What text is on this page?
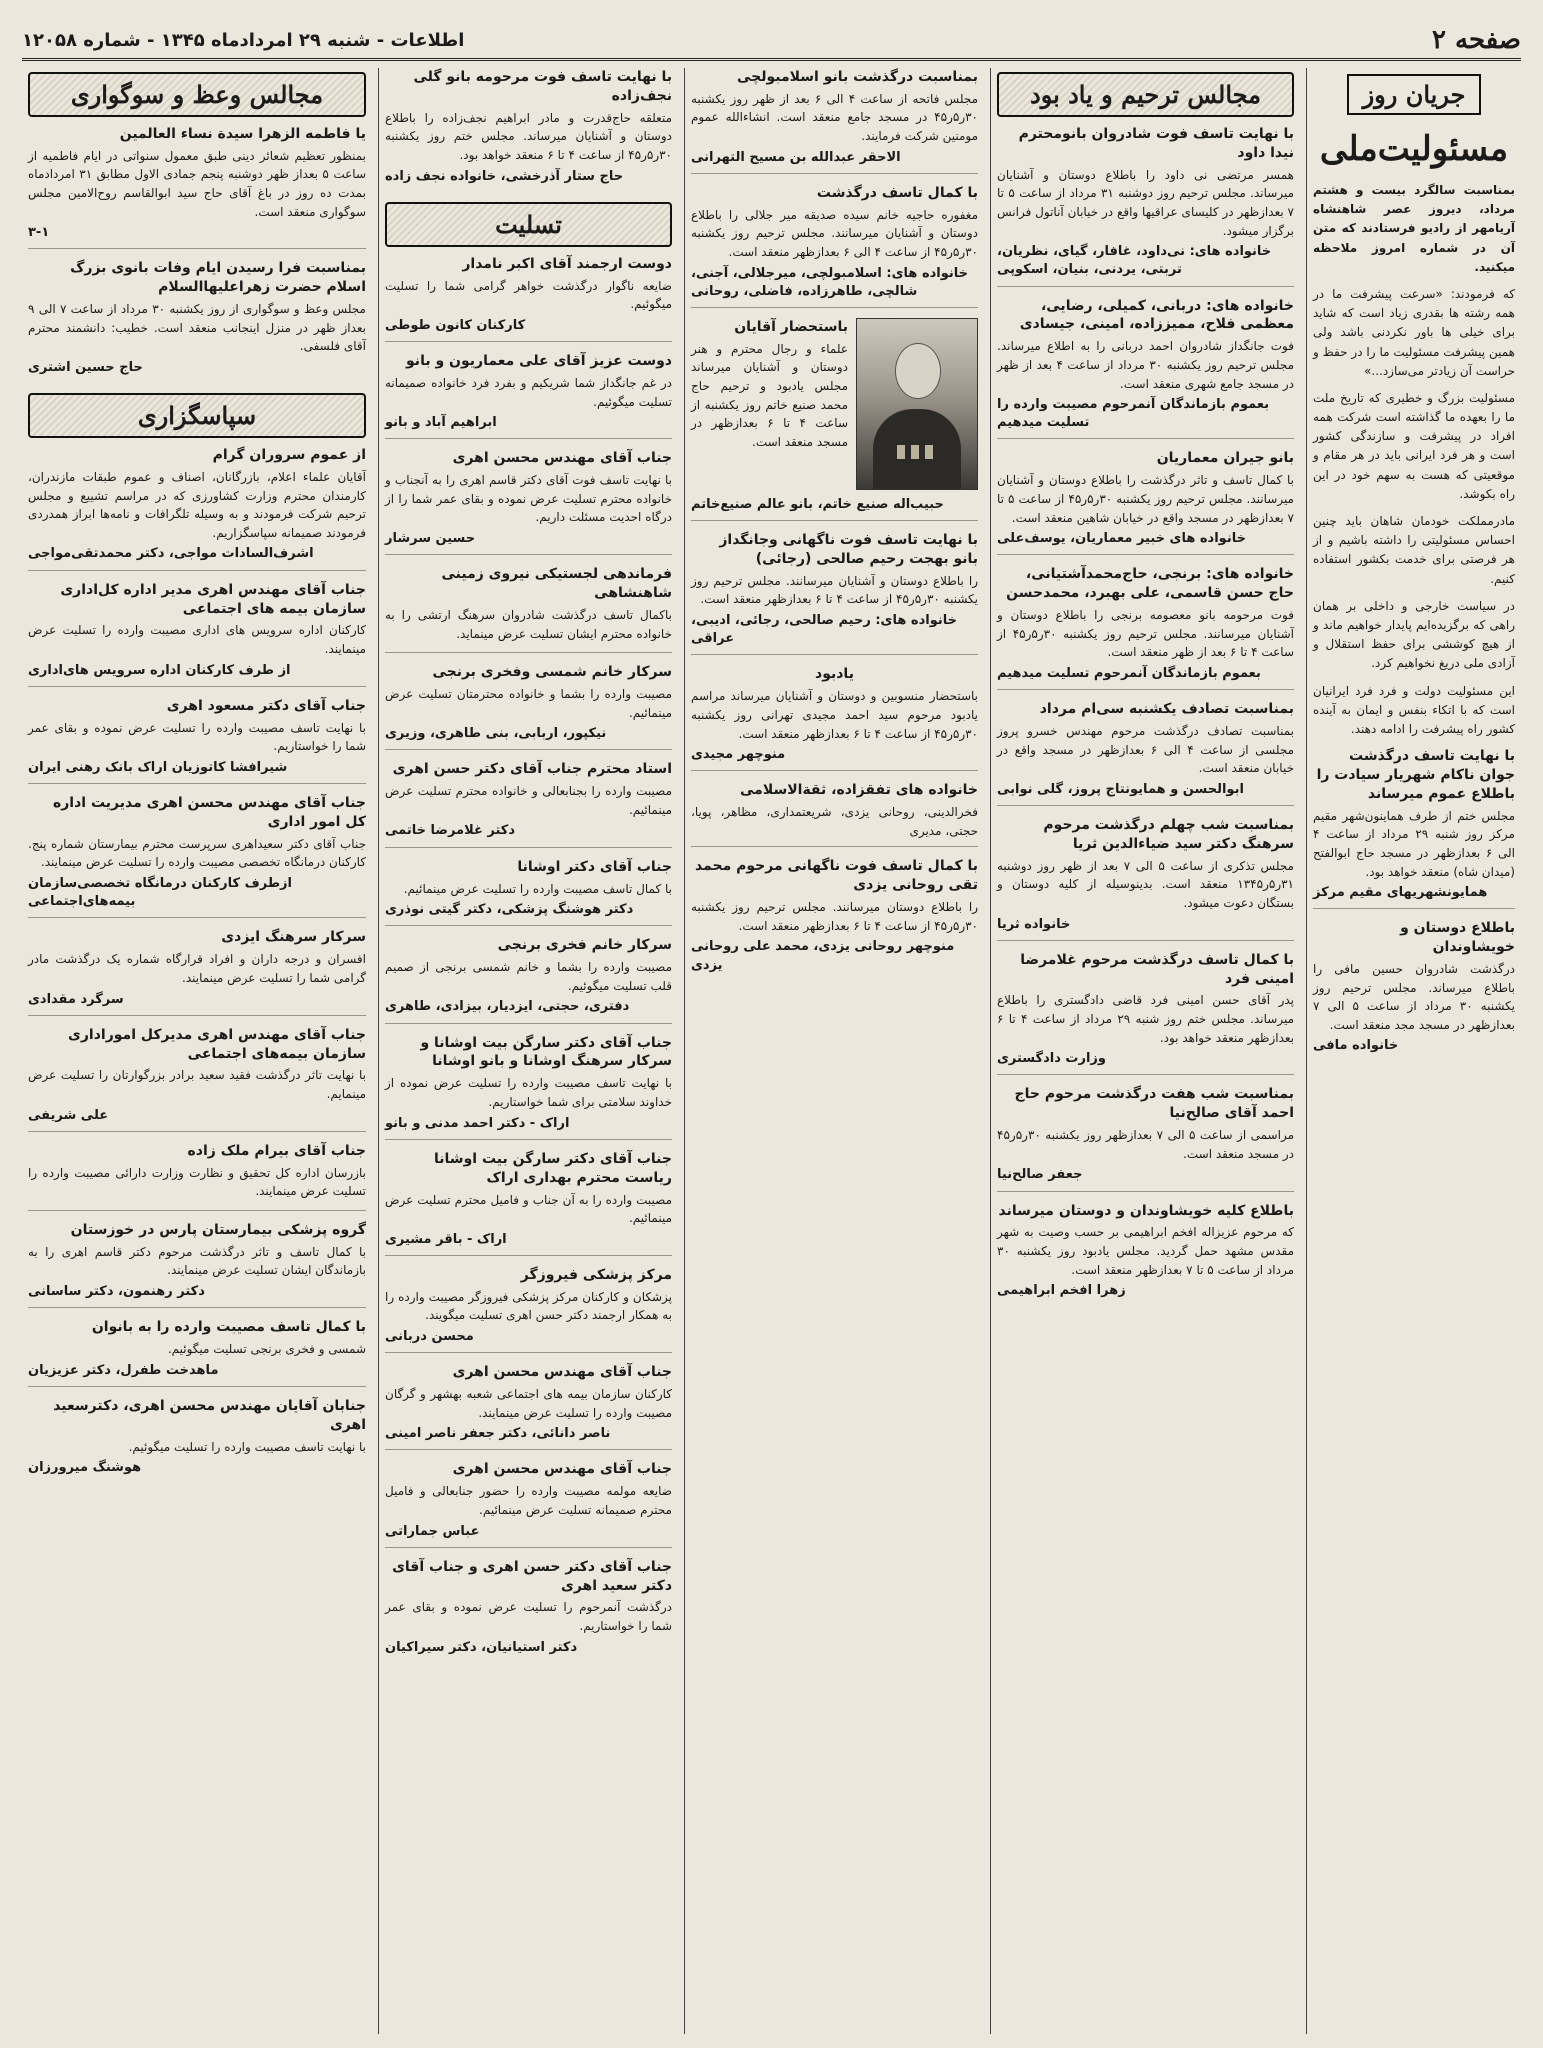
صفحه ۲
اطلاعات - شنبه ۲۹ امردادماه ۱۳۴۵ - شماره ۱۲۰۵۸
جریان روز
مسئولیت‌ملی

بمناسبت سالگرد بیست و هشتم مرداد، دیروز عصر شاهنشاه آریامهر از رادیو فرستادند که متن آن در شماره امروز ملاحظه میکنید.

که فرمودند: «سرعت پیشرفت ما در همه رشته ها بقدری زیاد است که شاید برای خیلی ها باور نکردنی باشد ولی همین پیشرفت مسئولیت ما را در حفظ و حراست آن زیادتر می‌سازد...»

مسئولیت بزرگ و خطیری که تاریخ ملت ما را بعهده ما گذاشته است شرکت همه افراد در پیشرفت و سازندگی کشور است و هر فرد ایرانی باید در هر مقام و موقعیتی که هست به سهم خود در این راه بکوشد.

مادرمملکت خودمان شاهان باید چنین احساس مسئولیتی را داشته باشیم و از هر فرصتی برای خدمت بکشور استفاده کنیم.

در سیاست خارجی و داخلی بر همان راهی که برگزیده‌ایم پایدار خواهیم ماند و از هیچ کوششی برای حفظ استقلال و آزادی ملی دریغ نخواهیم کرد.

این مسئولیت دولت و فرد فرد ایرانیان است که با اتکاء بنفس و ایمان به آینده کشور راه پیشرفت را ادامه دهند.

با نهایت تاسف درگذشت جوان ناکام شهریار سیادت را باطلاع عموم میرساند
مجلس ختم از طرف هماینون‌شهر مقیم مرکز روز شنبه ۲۹ مرداد از ساعت ۴ الی ۶ بعدازظهر در مسجد حاج ابوالفتح (میدان شاه) منعقد خواهد بود.
همایونشهریهای مقیم مرکز
باطلاع دوستان و خویشاوندان
درگذشت شادروان حسین مافی را باطلاع میرساند. مجلس ترحیم روز یکشنبه ۳۰ مرداد از ساعت ۵ الی ۷ بعدازظهر در مسجد مجد منعقد است.
خانواده مافی
مجالس ترحیم و یاد بود
با نهایت تاسف فوت شادروان بانومحترم نیدا داود
همسر مرتضی نی داود را باطلاع دوستان و آشنایان میرساند. مجلس ترحیم روز دوشنبه ۳۱ مرداد از ساعت ۵ تا ۷ بعدازظهر در کلیسای عراقیها واقع در خیابان آناتول فرانس برگزار میشود.
خانواده های: نی‌داود، غافار، گیای، نظریان، تربتی، یردنی، بنیان، اسکوپی
خانواده های: دربانی، کمیلی، رضایی، معظمی فلاح، ممیززاده، امینی، جیسادی
فوت جانگداز شادروان احمد دربانی را به اطلاع میرساند. مجلس ترحیم روز یکشنبه ۳۰ مرداد از ساعت ۴ بعد از ظهر در مسجد جامع شهری منعقد است.
بعموم بازماندگان آنمرحوم مصیبت وارده را تسلیت میدهیم
بانو جیران معماریان
با کمال تاسف و تاثر درگذشت را باطلاع دوستان و آشنایان میرسانند. مجلس ترحیم روز یکشنبه ۳۰ر۵ر۴۵ از ساعت ۵ تا ۷ بعدازظهر در مسجد واقع در خیابان شاهین منعقد است.
خانواده های خبیر معماریان، یوسف‌علی
خانواده های: برنجی، حاج‌محمد‌آشتیانی، حاج حسن قاسمی، علی بهبرد، محمدحسن
فوت مرحومه بانو معصومه برنجی را باطلاع دوستان و آشنایان میرسانند. مجلس ترحیم روز یکشنبه ۳۰ر۵ر۴۵ از ساعت ۴ تا ۶ بعد از ظهر منعقد است.
بعموم بازماندگان آنمرحوم تسلیت میدهیم
بمناسبت تصادف یکشنبه سی‌ام مرداد
بمناسبت تصادف درگذشت مرحوم مهندس خسرو پروز مجلسی از ساعت ۴ الی ۶ بعدازظهر در مسجد واقع در خیابان منعقد است.
ابوالحسن و همایونتاج پروز، گلی نوابی
بمناسبت شب چهلم درگذشت مرحوم سرهنگ دکتر سید ضیاءالدین ثریا
مجلس تذکری از ساعت ۵ الی ۷ بعد از ظهر روز دوشنبه ۳۱ر۵ر۱۳۴۵ منعقد است. بدینوسیله از کلیه دوستان و بستگان دعوت میشود.
خانواده ثریا
با کمال تاسف درگذشت مرحوم غلامرضا امینی فرد
پدر آقای حسن امینی فرد قاضی دادگستری را باطلاع میرساند. مجلس ختم روز شنبه ۲۹ مرداد از ساعت ۴ تا ۶ بعدازظهر منعقد خواهد بود.
وزارت دادگستری
بمناسبت شب هفت درگذشت مرحوم حاج احمد آقای صالح‌نیا
مراسمی از ساعت ۵ الی ۷ بعدازظهر روز یکشنبه ۳۰ر۵ر۴۵ در مسجد منعقد است.
جعفر صالح‌نیا
باطلاع کلیه خویشاوندان و دوستان میرساند
که مرحوم عزیزاله افخم ابراهیمی بر حسب وصیت به شهر مقدس مشهد حمل گردید. مجلس یادبود روز یکشنبه ۳۰ مرداد از ساعت ۵ تا ۷ بعدازظهر منعقد است.
زهرا افخم ابراهیمی
بمناسبت درگذشت بانو اسلامبولچی
مجلس فاتحه از ساعت ۴ الی ۶ بعد از ظهر روز یکشنبه ۳۰ر۵ر۴۵ در مسجد جامع منعقد است. انشاءالله عموم مومنین شرکت فرمایند.
الاحقر عبدالله بن مسیح التهرانی
با کمال تاسف درگذشت
مغفوره حاجیه خانم سیده صدیقه میر جلالی را باطلاع دوستان و آشنایان میرسانند. مجلس ترحیم روز یکشنبه ۳۰ر۵ر۴۵ از ساعت ۴ الی ۶ بعدازظهر منعقد است.
خانواده های: اسلامبولچی، میرجلالی، آجنی، شالچی، طاهرزاده، فاضلی، روحانی
باستحضار آقایان
علماء و رجال محترم و هنر دوستان و آشنایان میرساند مجلس یادبود و ترحیم حاج محمد صنیع خاتم روز یکشنبه از ساعت ۴ تا ۶ بعدازظهر در مسجد منعقد است.
حبیب‌اله صنیع خاتم، بانو عالم صنیع‌خاتم
با نهایت تاسف فوت ناگهانی وجانگداز بانو بهجت رحیم صالحی (رجائی)
را باطلاع دوستان و آشنایان میرسانند. مجلس ترحیم روز یکشنبه ۳۰ر۵ر۴۵ از ساعت ۴ تا ۶ بعدازظهر منعقد است.
خانواده های: رحیم صالحی، رجائی، ادیبی، عراقی
یادبود
باستحضار منسوبین و دوستان و آشنایان میرساند مراسم یادبود مرحوم سید احمد مجیدی تهرانی روز یکشنبه ۳۰ر۵ر۴۵ از ساعت ۴ تا ۶ بعدازظهر منعقد است.
منوچهر مجیدی
خانواده های تفقزاده، ثقة‌الاسلامی
فخرالدینی، روحانی یزدی، شریعتمداری، مظاهر، پویا، حجتی، مدیری
با کمال تاسف فوت ناگهانی مرحوم محمد تقی روحانی یزدی
را باطلاع دوستان میرسانند. مجلس ترحیم روز یکشنبه ۳۰ر۵ر۴۵ از ساعت ۴ تا ۶ بعدازظهر منعقد است.
منوچهر روحانی یزدی، محمد علی روحانی یزدی
با نهایت تاسف فوت مرحومه بانو گلی نجف‌زاده
متعلقه حاج‌قدرت و مادر ابراهیم نجف‌زاده را باطلاع دوستان و آشنایان میرساند. مجلس ختم روز یکشنبه ۳۰ر۵ر۴۵ از ساعت ۴ تا ۶ منعقد خواهد بود.
حاج ستار آذرخشی، خانواده نجف زاده
تسلیت
دوست ارجمند آقای اکبر نامدار
ضایعه ناگوار درگذشت خواهر گرامی شما را تسلیت میگوئیم.
کارکنان کانون طوطی
دوست عزیز آقای علی معماریون و بانو
در غم جانگداز شما شریکیم و بفرد فرد خانواده صمیمانه تسلیت میگوئیم.
ابراهیم آباد و بانو
جناب آقای مهندس محسن اهری
با نهایت تاسف فوت آقای دکتر قاسم اهری را به آنجناب و خانواده محترم تسلیت عرض نموده و بقای عمر شما را از درگاه احدیت مسئلت داریم.
حسین سرشار
فرماندهی لجستیکی نیروی زمینی شاهنشاهی
باکمال تاسف درگذشت شادروان سرهنگ ارتشی را به خانواده محترم ایشان تسلیت عرض مینماید.
سرکار خانم شمسی وفخری برنجی
مصیبت وارده را بشما و خانواده محترمتان تسلیت عرض مینمائیم.
نیکپور، اربابی، بنی طاهری، وزیری
استاد محترم جناب آقای دکتر حسن اهری
مصیبت وارده را بجنابعالی و خانواده محترم تسلیت عرض مینمائیم.
دکتر غلامرضا خاتمی
جناب آقای دکتر اوشانا
با کمال تاسف مصیبت وارده را تسلیت عرض مینمائیم.
دکتر هوشنگ پزشکی، دکتر گیتی نوذری
سرکار خانم فخری برنجی
مصیبت وارده را بشما و خانم شمسی برنجی از صمیم قلب تسلیت میگوئیم.
دفتری، حجتی، ایزدیار، بیزادی، طاهری
جناب آقای دکتر سارگن بیت اوشانا و سرکار سرهنگ اوشانا و بانو اوشانا
با نهایت تاسف مصیبت وارده را تسلیت عرض نموده از خداوند سلامتی برای شما خواستاریم.
اراک - دکتر احمد مدنی و بانو
جناب آقای دکتر سارگن بیت اوشانا ریاست محترم بهداری اراک
مصیبت وارده را به آن جناب و فامیل محترم تسلیت عرض مینمائیم.
اراک - باقر مشیری
مرکز پزشکی فیروزگر
پزشکان و کارکنان مرکز پزشکی فیروزگر مصیبت وارده را به همکار ارجمند دکتر حسن اهری تسلیت میگویند.
محسن دربانی
جناب آقای مهندس محسن اهری
کارکنان سازمان بیمه های اجتماعی شعبه بهشهر و گرگان مصیبت وارده را تسلیت عرض مینمایند.
ناصر دانائی، دکتر جعفر ناصر امینی
جناب آقای مهندس محسن اهری
ضایعه مولمه مصیبت وارده را حضور جنابعالی و فامیل محترم صمیمانه تسلیت عرض مینمائیم.
عباس جماراتی
جناب آقای دکتر حسن اهری و جناب آقای دکتر سعید اهری
درگذشت آنمرحوم را تسلیت عرض نموده و بقای عمر شما را خواستاریم.
دکتر استیانیان، دکتر سیراکیان
مجالس وعظ و سوگواری
یا فاطمه الزهرا سیدة نساء العالمین
بمنظور تعظیم شعائر دینی طبق معمول سنواتی در ایام فاطمیه از ساعت ۵ بعداز ظهر دوشنبه پنجم جمادی الاول مطابق ۳۱ امردادماه بمدت ده روز در باغ آقای حاج سید ابوالقاسم روح‌الامین مجلس سوگواری منعقد است.
۳-۱
بمناسبت فرا رسیدن ایام وفات بانوی بزرگ اسلام حضرت زهراعلیهاالسلام
مجلس وعظ و سوگواری از روز یکشنبه ۳۰ مرداد از ساعت ۷ الی ۹ بعداز ظهر در منزل اینجانب منعقد است. خطیب: دانشمند محترم آقای فلسفی.
حاج حسین اشتری
سپاسگزاری
از عموم سروران گرام
آقایان علماء اعلام، بازرگانان، اصناف و عموم طبقات مازندران، کارمندان محترم وزارت کشاورزی که در مراسم تشییع و مجلس ترحیم شرکت فرمودند و به وسیله تلگرافات و نامه‌ها ابراز همدردی فرمودند صمیمانه سپاسگزاریم.
اشرف‌السادات مواجی، دکتر محمدتقی‌مواجی
جناب آقای مهندس اهری مدیر اداره کل‌اداری سازمان بیمه های اجتماعی
کارکنان اداره سرویس های اداری مصیبت وارده را تسلیت عرض مینمایند.
از طرف کارکنان اداره سرویس های‌اداری
جناب آقای دکتر مسعود اهری
با نهایت تاسف مصیبت وارده را تسلیت عرض نموده و بقای عمر شما را خواستاریم.
شیرافشا کاتوزیان اراک بانک رهنی ایران
جناب آقای مهندس محسن اهری مدیریت اداره کل امور اداری
جناب آقای دکتر سعیداهری سرپرست محترم بیمارستان شماره پنج. کارکنان درمانگاه تخصصی مصیبت وارده را تسلیت عرض مینمایند.
ازطرف کارکنان درمانگاه تخصصی‌سازمان بیمه‌های‌اجتماعی
سرکار سرهنگ ایزدی
افسران و درجه داران و افراد قرارگاه شماره یک درگذشت مادر گرامی شما را تسلیت عرض مینمایند.
سرگرد مقدادی
جناب آقای مهندس اهری مدیرکل اموراداری سازمان بیمه‌های اجتماعی
با نهایت تاثر درگذشت فقید سعید برادر بزرگوارتان را تسلیت عرض مینمایم.
علی شریفی
جناب آقای بیرام ملک زاده
بازرسان اداره کل تحقیق و نظارت وزارت دارائی مصیبت وارده را تسلیت عرض مینمایند.
گروه پزشکی بیمارستان پارس در خوزستان
با کمال تاسف و تاثر درگذشت مرحوم دکتر قاسم اهری را به بازماندگان ایشان تسلیت عرض مینمایند.
دکتر رهنمون، دکتر ساسانی
با کمال تاسف مصیبت وارده را به بانوان
شمسی و فخری برنجی تسلیت میگوئیم.
ماهدخت طفرل، دکتر عزیزیان
جنابان آقایان مهندس محسن اهری، دکترسعید اهری
با نهایت تاسف مصیبت وارده را تسلیت میگوئیم.
هوشنگ میرورزان
